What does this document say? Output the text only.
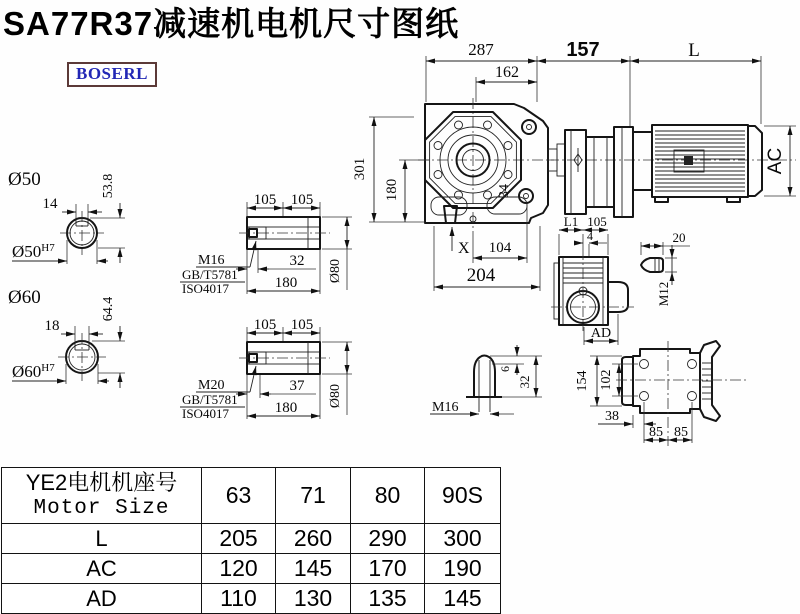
SA77R37减速机电机尺寸图纸
BOSERL
287
162
157	L
34
301
180
X 104
204
AC
Ø50
14
53.8
$Ø50^{H7}$
Ø60
18
64.4
$Ø60^{H7}$
105 105
M16
GB/T5781
ISO4017
32
180 Ø80
105 105
M20
GB/T5781
ISO4017
37
180 Ø80
L1 105
4
AD
20
M12
6
32
M16
154 102
38
85 85
YE2电机机座号
Motor Size	63	71	80	90S
L	205	260	290	300
AC	120	145	170	190
AD	110	130	135	145
